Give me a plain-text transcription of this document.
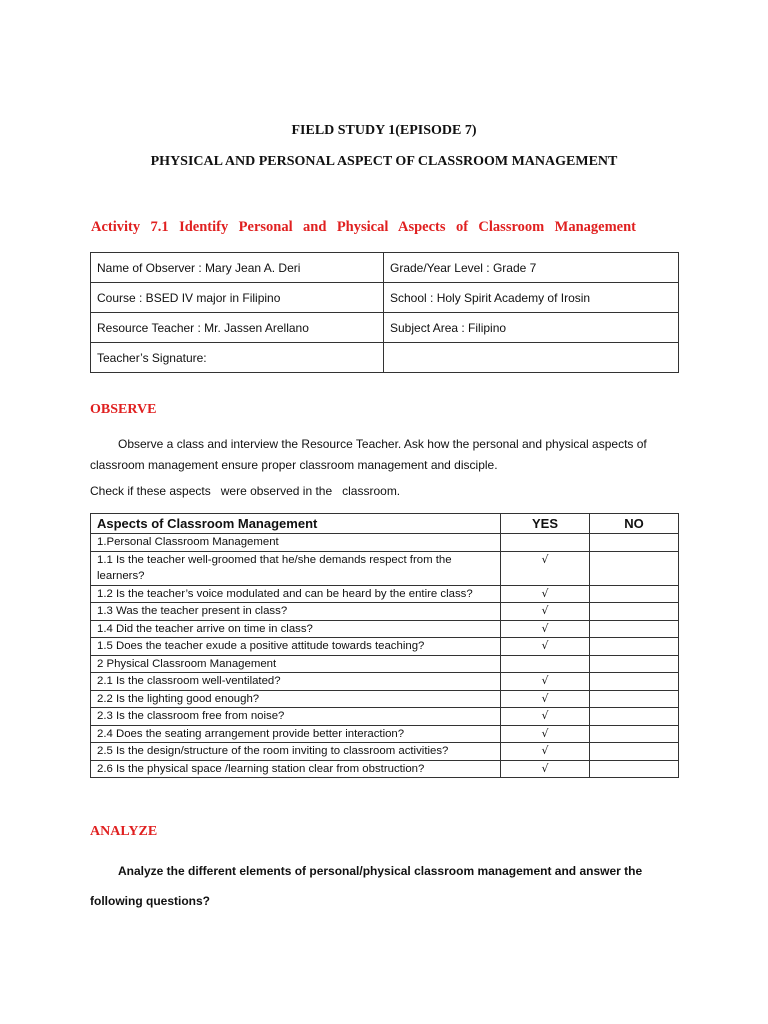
FIELD STUDY 1(EPISODE 7)
PHYSICAL AND PERSONAL ASPECT OF CLASSROOM MANAGEMENT
Activity 7.1 Identify Personal and Physical Aspects of Classroom Management
Name of Observer : Mary Jean A. Deri	Grade/Year Level : Grade 7
Course : BSED IV major in Filipino	School : Holy Spirit Academy of Irosin
Resource Teacher : Mr. Jassen Arellano	Subject Area : Filipino
Teacher’s Signature:	
OBSERVE
Observe a class and interview the Resource Teacher. Ask how the personal and physical aspects of classroom management ensure proper classroom management and disciple.
Check if these aspects   were observed in the   classroom.
Aspects of Classroom Management	YES	NO
1.Personal Classroom Management		
1.1 Is the teacher well-groomed that he/she demands respect from the learners?	√	
1.2 Is the teacher’s voice modulated and can be heard by the entire class?	√	
1.3 Was the teacher present in class?	√	
1.4 Did the teacher arrive on time in class?	√	
1.5 Does the teacher exude a positive attitude towards teaching?	√	
2 Physical Classroom Management		
2.1 Is the classroom well-ventilated?	√	
2.2 Is the lighting good enough?	√	
2.3 Is the classroom free from noise?	√	
2.4 Does the seating arrangement provide better interaction?	√	
2.5 Is the design/structure of the room inviting to classroom activities?	√	
2.6 Is the physical space /learning station clear from obstruction?	√	
ANALYZE
Analyze the different elements of personal/physical classroom management and answer the following questions?
